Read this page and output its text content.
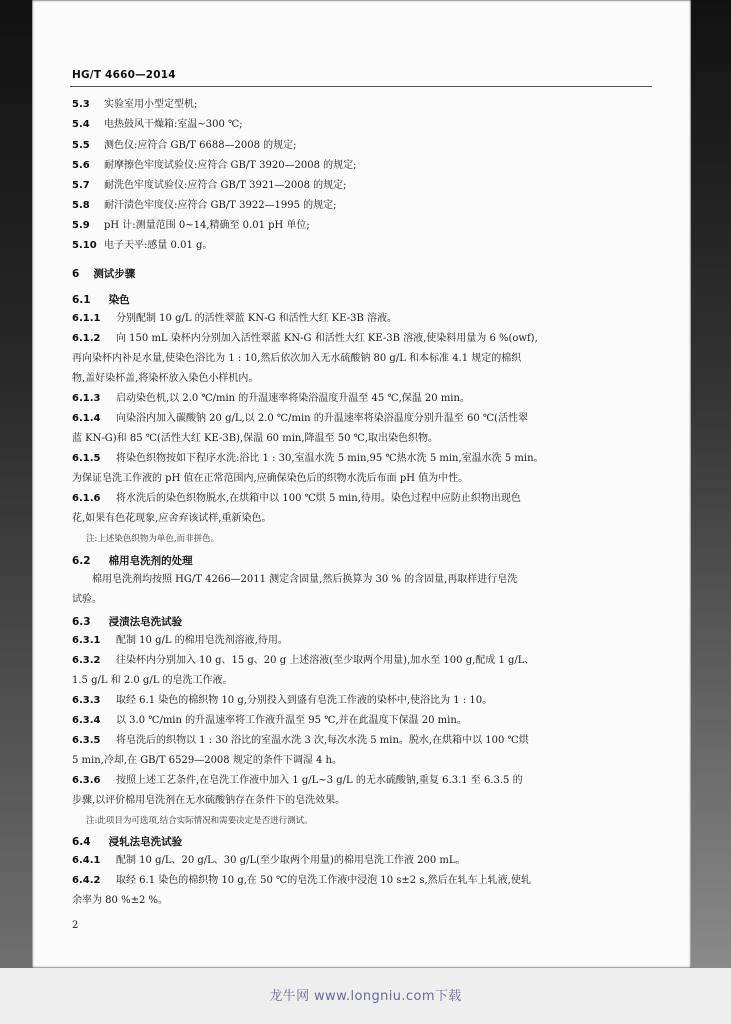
HG/T 4660—2014
5.3 实验室用小型定型机;
5.4 电热鼓风干燥箱:室温~300 ℃;
5.5 测色仪:应符合 GB/T 6688—2008 的规定;
5.6 耐摩擦色牢度试验仪:应符合 GB/T 3920—2008 的规定;
5.7 耐洗色牢度试验仪:应符合 GB/T 3921—2008 的规定;
5.8 耐汗渍色牢度仪:应符合 GB/T 3922—1995 的规定;
5.9 pH 计:测量范围 0~14,精确至 0.01 pH 单位;
5.10 电子天平:感量 0.01 g。
6 测试步骤
6.1 染色
6.1.1 分别配制 10 g/L 的活性翠蓝 KN-G 和活性大红 KE-3B 溶液。
6.1.2 向 150 mL 染杯内分别加入活性翠蓝 KN-G 和活性大红 KE-3B 溶液,使染料用量为 6 %(owf),
再向染杯内补足水量,使染色浴比为 1 : 10,然后依次加入无水硫酸钠 80 g/L 和本标准 4.1 规定的棉织
物,盖好染杯盖,将染杯放入染色小样机内。
6.1.3 启动染色机,以 2.0 ℃/min 的升温速率将染浴温度升温至 45 ℃,保温 20 min。
6.1.4 向染浴内加入碳酸钠 20 g/L,以 2.0 ℃/min 的升温速率将染浴温度分别升温至 60 ℃(活性翠
蓝 KN-G)和 85 ℃(活性大红 KE-3B),保温 60 min,降温至 50 ℃,取出染色织物。
6.1.5 将染色织物按如下程序水洗:浴比 1 : 30,室温水洗 5 min,95 ℃热水洗 5 min,室温水洗 5 min。
为保证皂洗工作液的 pH 值在正常范围内,应确保染色后的织物水洗后布面 pH 值为中性。
6.1.6 将水洗后的染色织物脱水,在烘箱中以 100 ℃烘 5 min,待用。染色过程中应防止织物出现色
花,如果有色花现象,应舍弃该试样,重新染色。
注:上述染色织物为单色,而非拼色。
6.2 棉用皂洗剂的处理
棉用皂洗剂均按照 HG/T 4266—2011 测定含固量,然后换算为 30 % 的含固量,再取样进行皂洗
试验。
6.3 浸渍法皂洗试验
6.3.1 配制 10 g/L 的棉用皂洗剂溶液,待用。
6.3.2 往染杯内分别加入 10 g、15 g、20 g 上述溶液(至少取两个用量),加水至 100 g,配成 1 g/L、
1.5 g/L 和 2.0 g/L 的皂洗工作液。
6.3.3 取经 6.1 染色的棉织物 10 g,分别投入到盛有皂洗工作液的染杯中,使浴比为 1 : 10。
6.3.4 以 3.0 ℃/min 的升温速率将工作液升温至 95 ℃,并在此温度下保温 20 min。
6.3.5 将皂洗后的织物以 1 : 30 浴比的室温水洗 3 次,每次水洗 5 min。脱水,在烘箱中以 100 ℃烘
5 min,冷却,在 GB/T 6529—2008 规定的条件下调湿 4 h。
6.3.6 按照上述工艺条件,在皂洗工作液中加入 1 g/L~3 g/L 的无水硫酸钠,重复 6.3.1 至 6.3.5 的
步骤,以评价棉用皂洗剂在无水硫酸钠存在条件下的皂洗效果。
注:此项目为可选项,结合实际情况和需要决定是否进行测试。
6.4 浸轧法皂洗试验
6.4.1 配制 10 g/L、20 g/L、30 g/L(至少取两个用量)的棉用皂洗工作液 200 mL。
6.4.2 取经 6.1 染色的棉织物 10 g,在 50 ℃的皂洗工作液中浸泡 10 s±2 s,然后在轧车上轧液,使轧
余率为 80 %±2 %。
2
龙牛网 www.longniu.com下载
